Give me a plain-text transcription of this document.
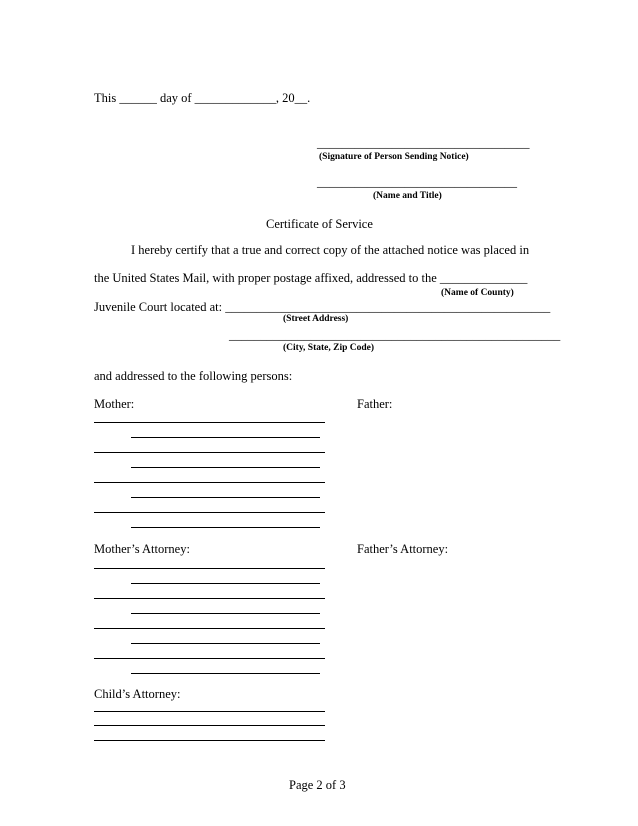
This ______ day of _____________, 20__.
__________________________________
(Signature of Person Sending Notice)
________________________________
(Name and Title)
Certificate of Service
I hereby certify that a true and correct copy of the attached notice was placed in
the United States Mail, with proper postage affixed, addressed to the ______________
(Name of County)
Juvenile Court located at: ____________________________________________________
(Street Address)
_____________________________________________________
(City, State, Zip Code)
and addressed to the following persons:
Mother:	Father:
Mother’s Attorney:	Father’s Attorney:
Child’s Attorney:
Page 2 of 3
